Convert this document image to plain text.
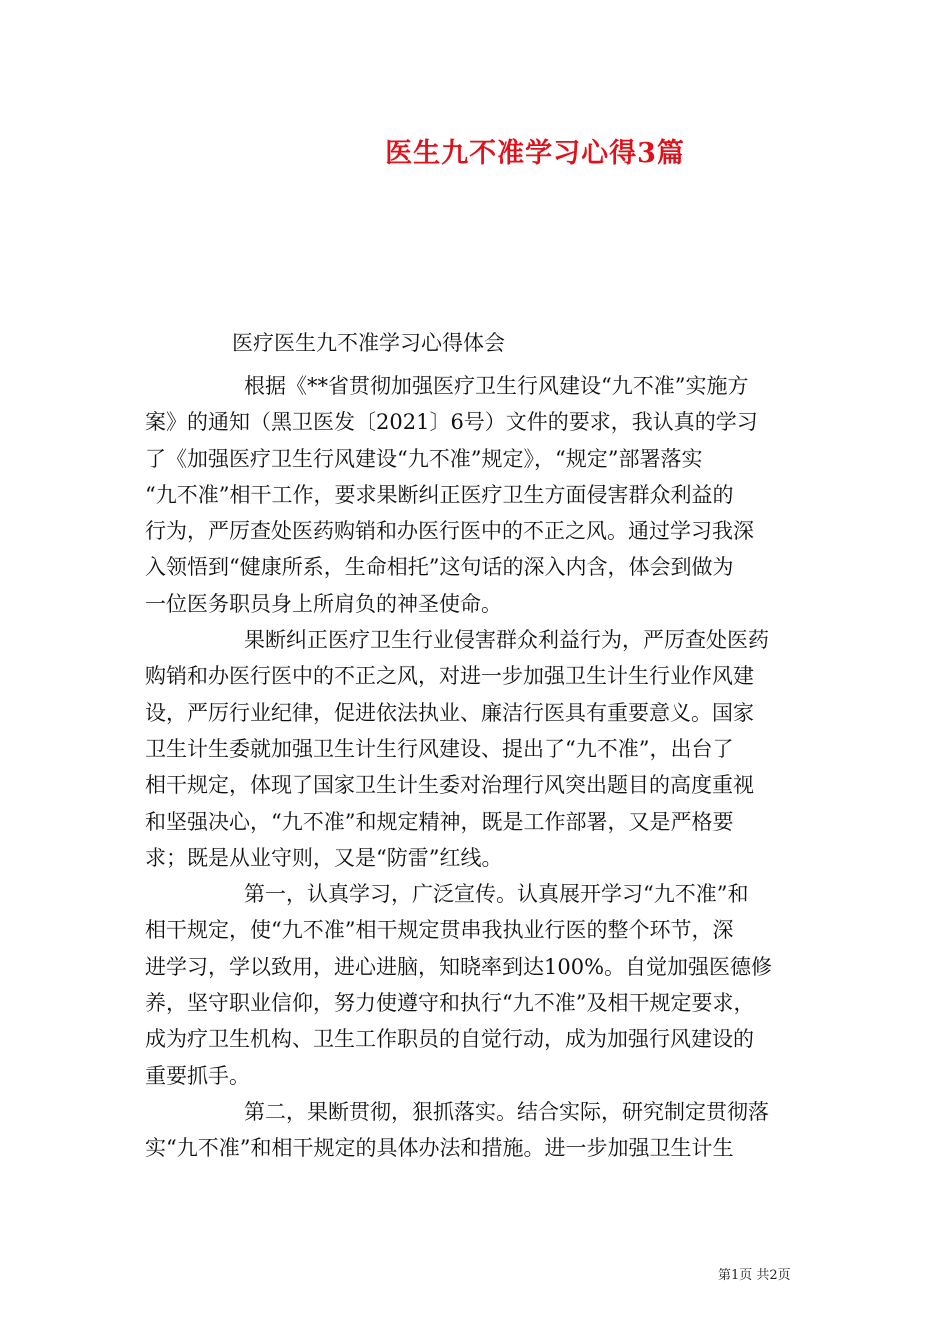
医生九不准学习心得3篇
医疗医生九不准学习心得体会
根据《**省贯彻加强医疗卫生行风建设“九不准”实施方
案》的通知（黑卫医发〔2021〕6号）文件的要求，我认真的学习
了《加强医疗卫生行风建设“九不准”规定》，“规定”部署落实
“九不准”相干工作，要求果断纠正医疗卫生方面侵害群众利益的
行为，严厉查处医药购销和办医行医中的不正之风。通过学习我深
入领悟到“健康所系，生命相托”这句话的深入内含，体会到做为
一位医务职员身上所肩负的神圣使命。
果断纠正医疗卫生行业侵害群众利益行为，严厉查处医药
购销和办医行医中的不正之风，对进一步加强卫生计生行业作风建
设，严厉行业纪律，促进依法执业、廉洁行医具有重要意义。国家
卫生计生委就加强卫生计生行风建设、提出了“九不准”，出台了
相干规定，体现了国家卫生计生委对治理行风突出题目的高度重视
和坚强决心，“九不准”和规定精神，既是工作部署，又是严格要
求；既是从业守则，又是“防雷”红线。
第一，认真学习，广泛宣传。认真展开学习“九不准”和
相干规定，使“九不准”相干规定贯串我执业行医的整个环节，深
进学习，学以致用，进心进脑，知晓率到达100%。自觉加强医德修
养，坚守职业信仰，努力使遵守和执行“九不准”及相干规定要求，
成为疗卫生机构、卫生工作职员的自觉行动，成为加强行风建设的
重要抓手。
第二，果断贯彻，狠抓落实。结合实际，研究制定贯彻落
实“九不准”和相干规定的具体办法和措施。进一步加强卫生计生
第1页 共2页
